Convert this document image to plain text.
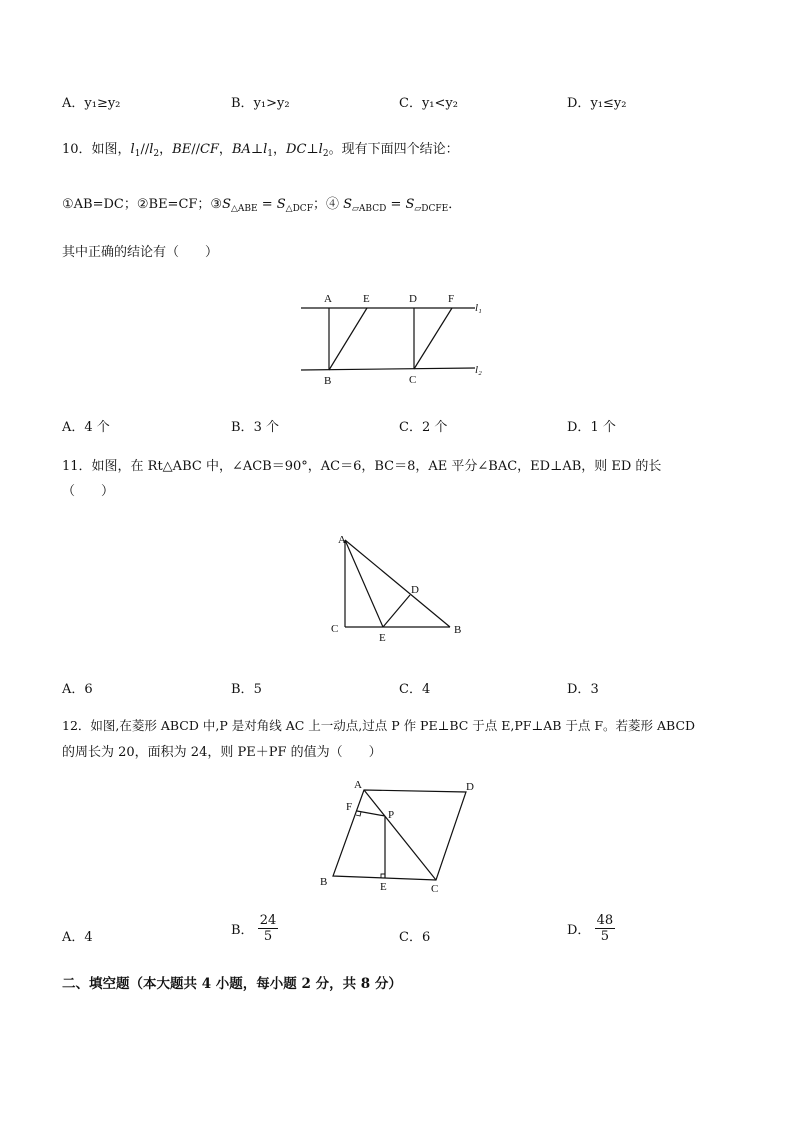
A．y₁≥y₂	B．y₁>y₂	C．y₁<y₂	D．y₁≤y₂
10．如图，$l_1//l_2$，BE//CF，$BA\perp l_1$，$DC\perp l_2$。现有下面四个结论：
①AB=DC；②BE=CF；$③S_{\triangle ABE} = S_{\triangle DCF}$；④ $S_{▱ABCD} = S_{▱DCFE}$．
其中正确的结论有（　　）
A	E	D	F
B	C
l₁
l₂
A．4 个	B．3 个	C．2 个	D．1 个
11．如图，在 Rt△ABC 中，∠ACB＝90°，AC＝6，BC＝8，AE 平分∠BAC，ED⊥AB，则 ED 的长
（　　）
A
D
C
E
B
A．6	B．5	C．4	D．3
12．如图,在菱形 ABCD 中,P 是对角线 AC 上一动点,过点 P 作 PE⊥BC 于点 E,PF⊥AB 于点 F。若菱形 ABCD
的周长为 20，面积为 24，则 PE＋PF 的值为（　　）
A	D
F
P
B	E	C
A．4	B． $\frac{24}{5}$	C．6	D． $\frac{48}{5}$
二、填空题（本大题共 4 小题，每小题 2 分，共 8 分）
